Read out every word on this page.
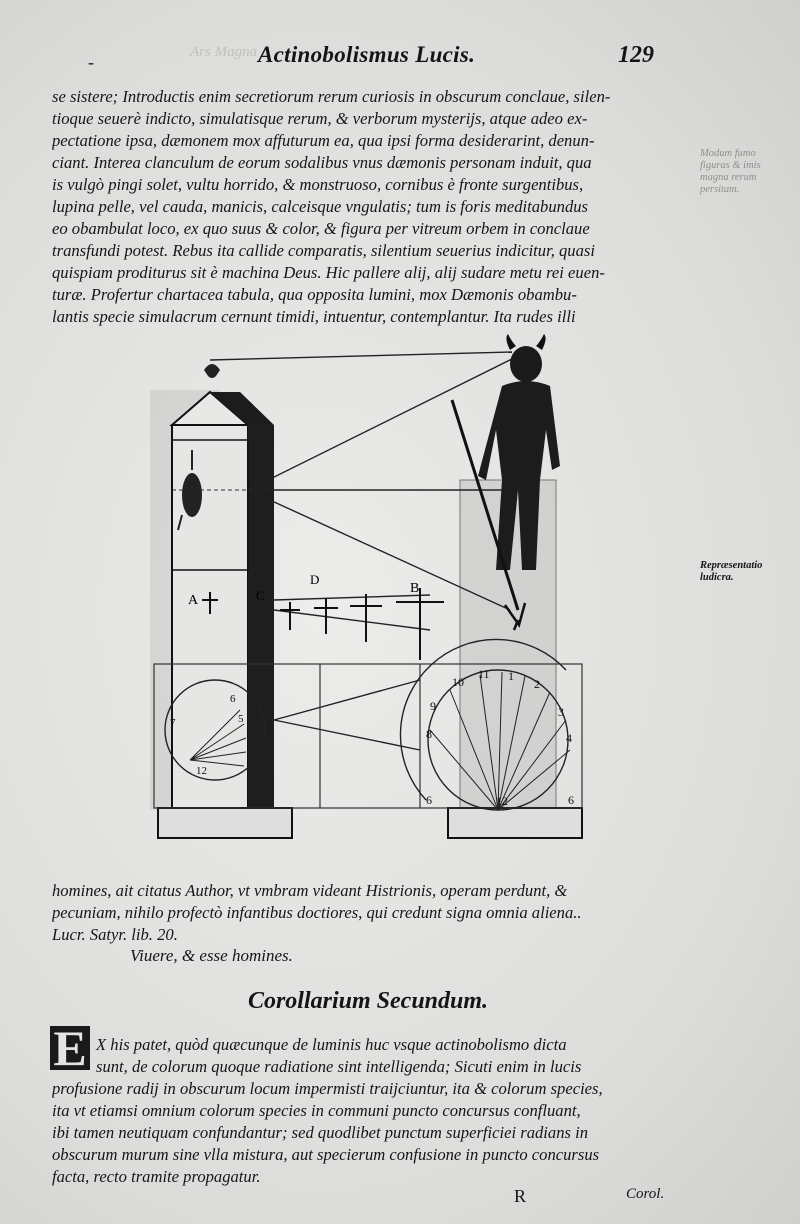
Ars Magna
-	Actinobolismus Lucis.	129
se sistere; Introductis enim secretiorum rerum curiosis in obscurum conclaue, silen-
tioque seuerè indicto, simulatisque rerum, & verborum mysterijs, atque adeo ex-
pectatione ipsa, dæmonem mox affuturum ea, qua ipsi forma desiderarint, denun-
ciant. Interea clanculum de eorum sodalibus vnus dæmonis personam induit, qua
is vulgò pingi solet, vultu horrido, & monstruoso, cornibus è fronte surgentibus,
lupina pelle, vel cauda, manicis, calceisque vngulatis; tum is foris meditabundus
eo obambulat loco, ex quo suus & color, & figura per vitreum orbem in conclaue
transfundi potest. Rebus ita callide comparatis, silentium seuerius indicitur, quasi
quispiam proditurus sit è machina Deus. Hic pallere alij, alij sudare metu rei euen-
turæ. Profertur chartacea tabula, qua opposita lumini, mox Dæmonis obambu-
lantis specie simulacrum cernunt timidi, intuentur, contemplantur. Ita rudes illi
Modum fumo
figuras & imis
magna rerum
persitam.
Repræsentatio
ludicra.
A	C
D
B
10
11 1
2
3
9
8	4
6	6
12
6
5
12
7
homines, ait citatus Author, vt vmbram videant Histrionis, operam perdunt, &
pecuniam, nihilo profectò infantibus doctiores, qui credunt signa omnia aliena..
Lucr. Satyr. lib. 20.
Viuere, & esse homines.
Corollarium Secundum.
E X his patet, quòd quæcunque de luminis huc vsque actinobolismo dicta
sunt, de colorum quoque radiatione sint intelligenda; Sicuti enim in lucis
profusione radij in obscurum locum impermisti traijciuntur, ita & colorum species,
ita vt etiamsi omnium colorum species in communi puncto concursus confluant,
ibi tamen neutiquam confundantur; sed quodlibet punctum superficiei radians in
obscurum murum sine vlla mistura, aut specierum confusione in puncto concursus
facta, recto tramite propagatur.
R	Corol.
